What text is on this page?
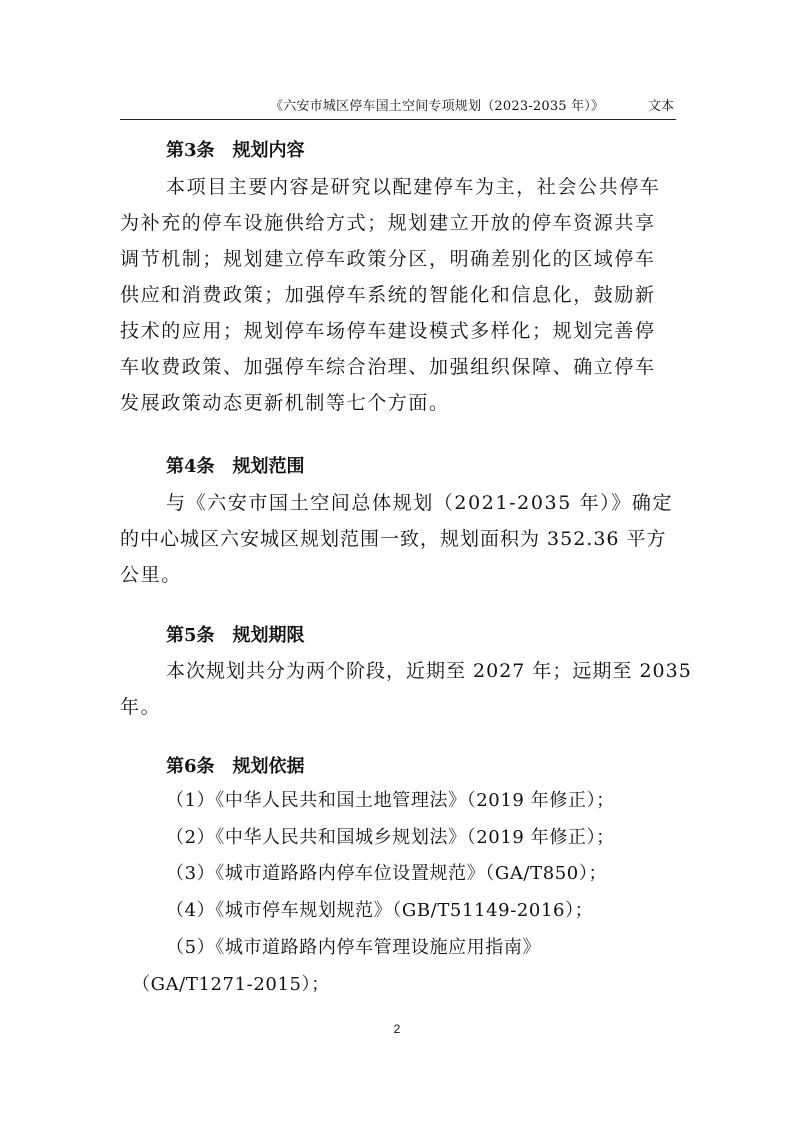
《六安市城区停车国土空间专项规划（2023-2035 年）》	文本
第3条 规划内容
本项目主要内容是研究以配建停车为主，社会公共停车
为补充的停车设施供给方式；规划建立开放的停车资源共享
调节机制；规划建立停车政策分区，明确差别化的区域停车
供应和消费政策；加强停车系统的智能化和信息化，鼓励新
技术的应用；规划停车场停车建设模式多样化；规划完善停
车收费政策、加强停车综合治理、加强组织保障、确立停车
发展政策动态更新机制等七个方面。
第4条 规划范围
与《六安市国土空间总体规划（2021-2035 年）》确定
的中心城区六安城区规划范围一致，规划面积为 352.36 平方
公里。
第5条 规划期限
本次规划共分为两个阶段，近期至 2027 年；远期至 2035
年。
第6条 规划依据
（1）《中华人民共和国土地管理法》（2019 年修正）；
（2）《中华人民共和国城乡规划法》（2019 年修正）；
（3）《城市道路路内停车位设置规范》（GA/T850）；
（4）《城市停车规划规范》（GB/T51149-2016）；
（5）《城市道路路内停车管理设施应用指南》
（GA/T1271-2015）；
2
